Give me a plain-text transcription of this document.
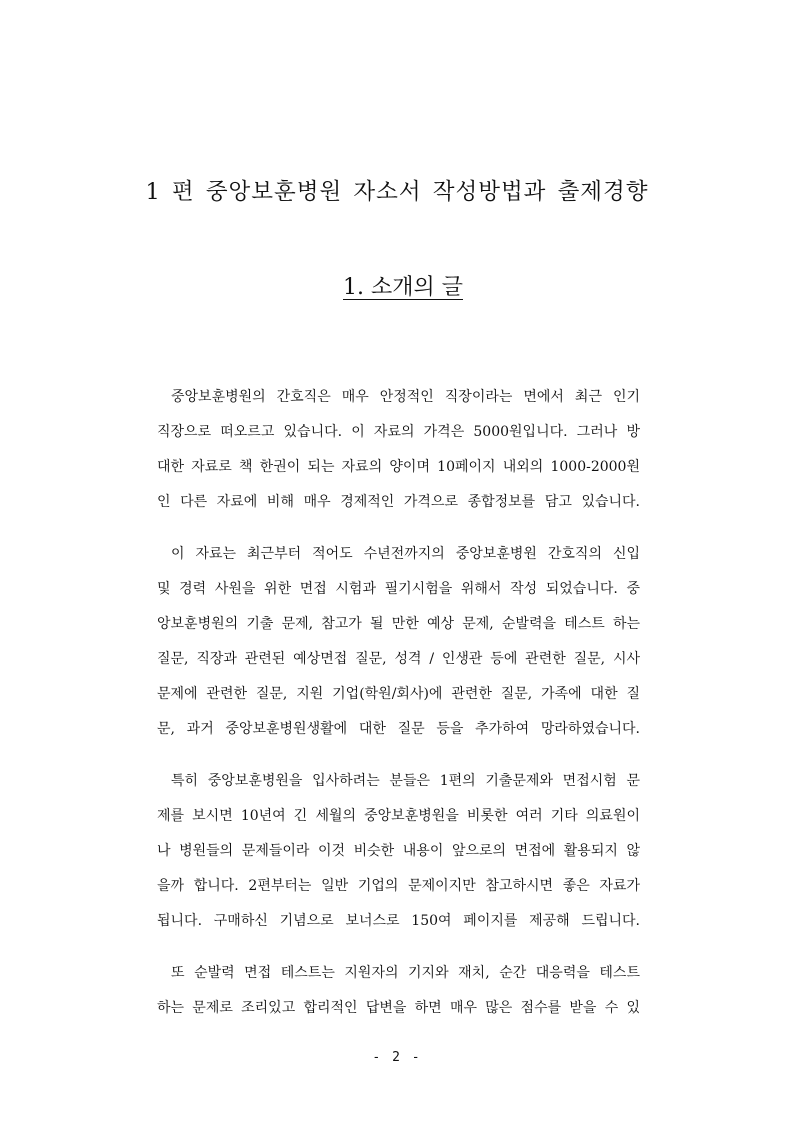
1 편 중앙보훈병원 자소서 작성방법과 출제경향
1. 소개의 글
중앙보훈병원의 간호직은 매우 안정적인 직장이라는 면에서 최근 인기
직장으로 떠오르고 있습니다. 이 자료의 가격은 5000원입니다. 그러나 방
대한 자료로 책 한권이 되는 자료의 양이며 10페이지 내외의 1000-2000원
인 다른 자료에 비해 매우 경제적인 가격으로 종합정보를 담고 있습니다.
이 자료는 최근부터 적어도 수년전까지의 중앙보훈병원 간호직의 신입
및 경력 사원을 위한 면접 시험과 필기시험을 위해서 작성 되었습니다. 중
앙보훈병원의 기출 문제, 참고가 될 만한 예상 문제, 순발력을 테스트 하는
질문, 직장과 관련된 예상면접 질문, 성격 / 인생관 등에 관련한 질문, 시사
문제에 관련한 질문, 지원 기업(학원/회사)에 관련한 질문, 가족에 대한 질
문, 과거 중앙보훈병원생활에 대한 질문 등을 추가하여 망라하였습니다.
특히 중앙보훈병원을 입사하려는 분들은 1편의 기출문제와 면접시험 문
제를 보시면 10년여 긴 세월의 중앙보훈병원을 비롯한 여러 기타 의료원이
나 병원들의 문제들이라 이것 비슷한 내용이 앞으로의 면접에 활용되지 않
을까 합니다. 2편부터는 일반 기업의 문제이지만 참고하시면 좋은 자료가
됩니다. 구매하신 기념으로 보너스로 150여 페이지를 제공해 드립니다.
또 순발력 면접 테스트는 지원자의 기지와 재치, 순간 대응력을 테스트
하는 문제로 조리있고 합리적인 답변을 하면 매우 많은 점수를 받을 수 있
- 2 -
